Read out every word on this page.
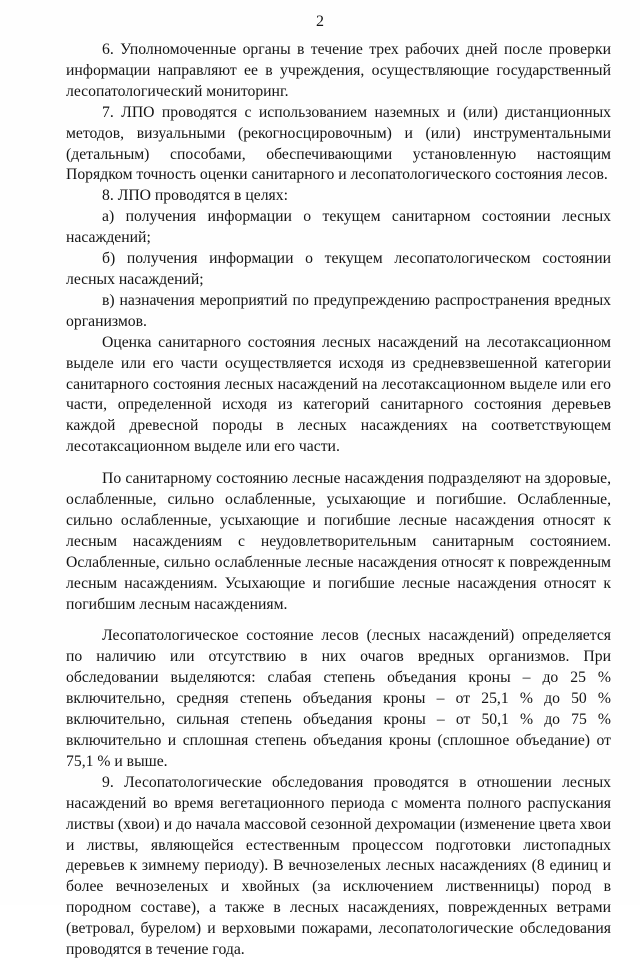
2

6. Уполномоченные органы в течение трех рабочих дней после проверки информации направляют ее в учреждения, осуществляющие государственный лесопатологический мониторинг.

7. ЛПО проводятся с использованием наземных и (или) дистанционных методов, визуальными (рекогносцировочным) и (или) инструментальными (детальным) способами, обеспечивающими установленную настоящим Порядком точность оценки санитарного и лесопатологического состояния лесов.

8. ЛПО проводятся в целях:

а) получения информации о текущем санитарном состоянии лесных насаждений;

б) получения информации о текущем лесопатологическом состоянии лесных насаждений;

в) назначения мероприятий по предупреждению распространения вредных организмов.

Оценка санитарного состояния лесных насаждений на лесотаксационном выделе или его части осуществляется исходя из средневзвешенной категории санитарного состояния лесных насаждений на лесотаксационном выделе или его части, определенной исходя из категорий санитарного состояния деревьев каждой древесной породы в лесных насаждениях на соответствующем лесотаксационном выделе или его части.

По санитарному состоянию лесные насаждения подразделяют на здоровые, ослабленные, сильно ослабленные, усыхающие и погибшие. Ослабленные, сильно ослабленные, усыхающие и погибшие лесные насаждения относят к лесным насаждениям с неудовлетворительным санитарным состоянием. Ослабленные, сильно ослабленные лесные насаждения относят к поврежденным лесным насаждениям. Усыхающие и погибшие лесные насаждения относят к погибшим лесным насаждениям.

Лесопатологическое состояние лесов (лесных насаждений) определяется по наличию или отсутствию в них очагов вредных организмов. При обследовании выделяются: слабая степень объедания кроны – до 25 % включительно, средняя степень объедания кроны – от 25,1 % до 50 % включительно, сильная степень объедания кроны – от 50,1 % до 75 % включительно и сплошная степень объедания кроны (сплошное объедание) от 75,1 % и выше.

9. Лесопатологические обследования проводятся в отношении лесных насаждений во время вегетационного периода с момента полного распускания листвы (хвои) и до начала массовой сезонной дехромации (изменение цвета хвои и листвы, являющейся естественным процессом подготовки листопадных деревьев к зимнему периоду). В вечнозеленых лесных насаждениях (8 единиц и более вечнозеленых и хвойных (за исключением лиственницы) пород в породном составе), а также в лесных насаждениях, поврежденных ветрами (ветровал, бурелом) и верховыми пожарами, лесопатологические обследования проводятся в течение года.
